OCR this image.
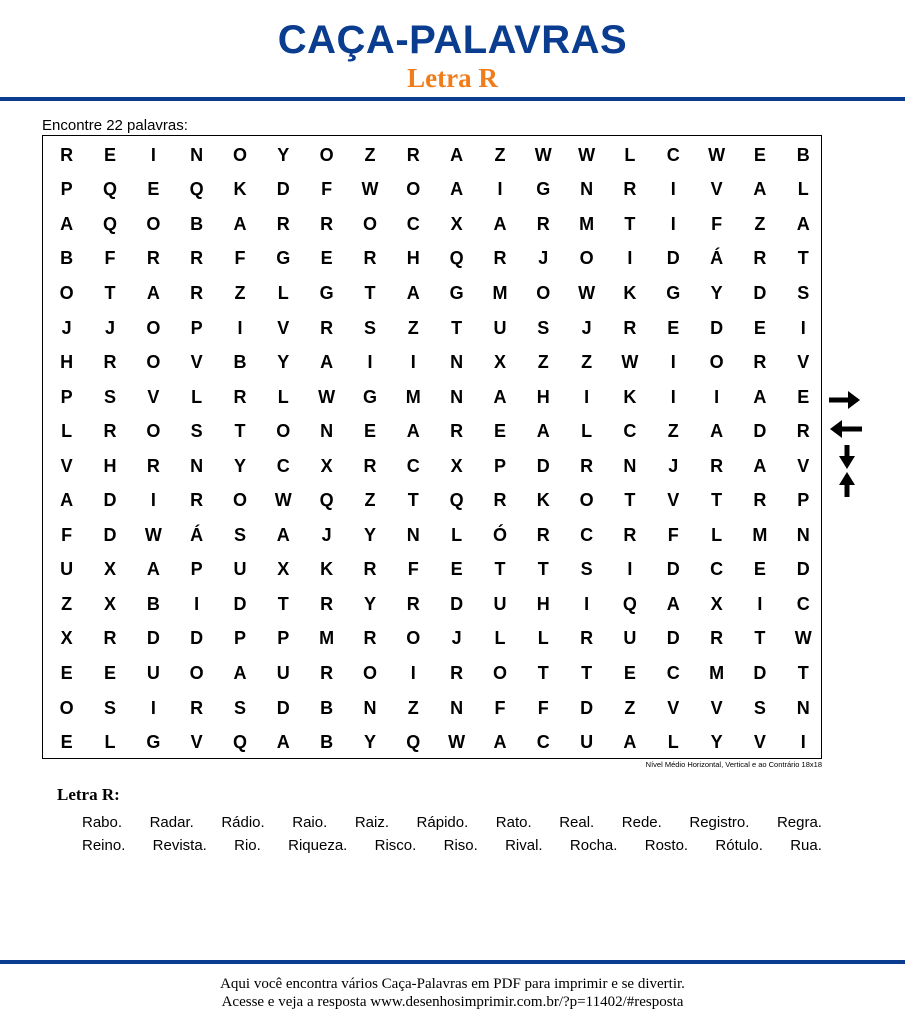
CAÇA-PALAVRAS
Letra R
Encontre 22 palavras:
R	E	I	N	O	Y	O	Z	R	A	Z	W	W	L	C	W	E	B
P	Q	E	Q	K	D	F	W	O	A	I	G	N	R	I	V	A	L
A	Q	O	B	A	R	R	O	C	X	A	R	M	T	I	F	Z	A
B	F	R	R	F	G	E	R	H	Q	R	J	O	I	D	Á	R	T
O	T	A	R	Z	L	G	T	A	G	M	O	W	K	G	Y	D	S
J	J	O	P	I	V	R	S	Z	T	U	S	J	R	E	D	E	I
H	R	O	V	B	Y	A	I	I	N	X	Z	Z	W	I	O	R	V
P	S	V	L	R	L	W	G	M	N	A	H	I	K	I	I	A	E
L	R	O	S	T	O	N	E	A	R	E	A	L	C	Z	A	D	R
V	H	R	N	Y	C	X	R	C	X	P	D	R	N	J	R	A	V
A	D	I	R	O	W	Q	Z	T	Q	R	K	O	T	V	T	R	P
F	D	W	Á	S	A	J	Y	N	L	Ó	R	C	R	F	L	M	N
U	X	A	P	U	X	K	R	F	E	T	T	S	I	D	C	E	D
Z	X	B	I	D	T	R	Y	R	D	U	H	I	Q	A	X	I	C
X	R	D	D	P	P	M	R	O	J	L	L	R	U	D	R	T	W
E	E	U	O	A	U	R	O	I	R	O	T	T	E	C	M	D	T
O	S	I	R	S	D	B	N	Z	N	F	F	D	Z	V	V	S	N
E	L	G	V	Q	A	B	Y	Q	W	A	C	U	A	L	Y	V	I
Nível Médio Horizontal, Vertical e ao Contrário 18x18
Letra R:
Rabo. Radar. Rádio. Raio. Raiz. Rápido. Rato. Real. Rede. Registro. Regra.
Reino. Revista. Rio. Riqueza. Risco. Riso. Rival. Rocha. Rosto. Rótulo. Rua.
Aqui você encontra vários Caça-Palavras em PDF para imprimir e se divertir.
Acesse e veja a resposta www.desenhosimprimir.com.br/?p=11402/#resposta
